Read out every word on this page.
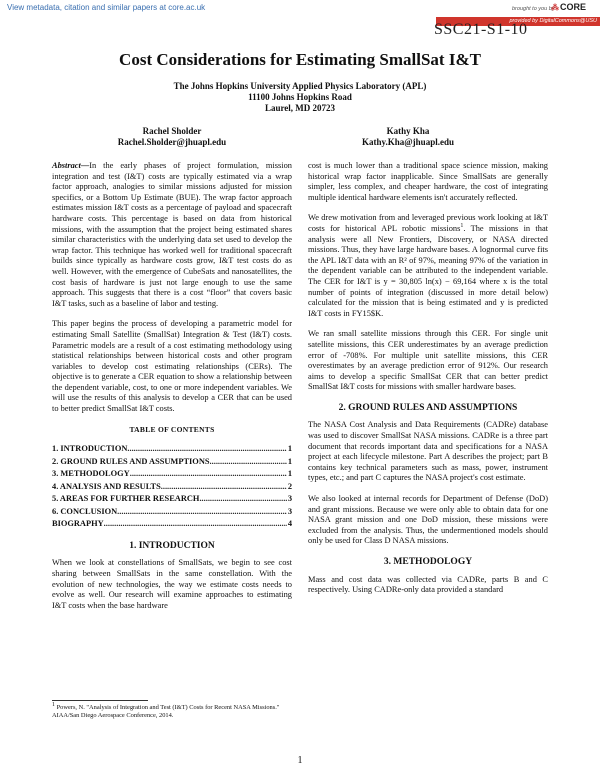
View metadata, citation and similar papers at core.ac.uk	brought to you by
⁂ CORE
provided by DigitalCommons@USU
SSC21-S1-10
Cost Considerations for Estimating SmallSat I&T
The Johns Hopkins University Applied Physics Laboratory (APL)
11100 Johns Hopkins Road
Laurel, MD 20723
Rachel Sholder
Rachel.Sholder@jhuapl.edu
Kathy Kha
Kathy.Kha@jhuapl.edu

Abstract—In the early phases of project formulation, mission integration and test (I&T) costs are typically estimated via a wrap factor approach, analogies to similar missions adjusted for mission specifics, or a Bottom Up Estimate (BUE). The wrap factor approach estimates mission I&T costs as a percentage of payload and spacecraft hardware costs. This percentage is based on data from historical missions, with the assumption that the project being estimated shares similar characteristics with the underlying data set used to develop the wrap factor. This technique has worked well for traditional spacecraft builds since typically as hardware costs grow, I&T test costs do as well. However, with the emergence of CubeSats and nanosatellites, the cost basis of hardware is just not large enough to use the same approach. This suggests that there is a cost “floor” that covers basic I&T tasks, such as a baseline of labor and testing.

This paper begins the process of developing a parametric model for estimating Small Satellite (SmallSat) Integration & Test (I&T) costs. Parametric models are a result of a cost estimating methodology using statistical relationships between historical costs and other program variables to develop cost estimating relationships (CERs). The objective is to generate a CER equation to show a relationship between the dependent variable, cost, to one or more independent variables. We will use the results of this analysis to develop a CER that can be used to better predict SmallSat I&T costs.

TABLE OF CONTENTS
1. INTRODUCTION .....	1
2. GROUND RULES AND ASSUMPTIONS .....	1
3. METHODOLOGY .....	1
4. ANALYSIS AND RESULTS .....	2
5. AREAS FOR FURTHER RESEARCH .....	3
6. CONCLUSION .....	3
BIOGRAPHY .....	4
1. INTRODUCTION

When we look at constellations of SmallSats, we begin to see cost sharing between SmallSats in the same constellation. With the evolution of new technologies, the way we estimate costs needs to evolve as well. Our research will examine approaches to estimating I&T costs when the base hardware

$^1$ Powers, N. "Analysis of Integration and Test (I&T) Costs for Recent NASA Missions." AIAA/San Diego Aerospace Conference, 2014.

cost is much lower than a traditional space science mission, making historical wrap factor inapplicable. Since SmallSats are generally simpler, less complex, and cheaper hardware, the cost of integrating multiple identical hardware elements isn't accurately reflected.

We drew motivation from and leveraged previous work looking at I&T costs for historical APL robotic missions$^1$. The missions in that analysis were all New Frontiers, Discovery, or NASA directed missions. Thus, they have large hardware bases. A lognormal curve fits the APL I&T data with an R² of 97%, meaning 97% of the variation in the dependent variable can be attributed to the independent variable. The CER for I&T is y = 30,805 ln(x) − 69,164 where x is the total number of points of integration (discussed in more detail below) calculated for the mission that is being estimated and y is predicted I&T costs in FY15$K.

We ran small satellite missions through this CER. For single unit satellite missions, this CER underestimates by an average prediction error of -708%. For multiple unit satellite missions, this CER overestimates by an average prediction error of 912%. Our research aims to develop a specific SmallSat CER that can better predict SmallSat I&T costs for missions with smaller hardware bases.

2. GROUND RULES AND ASSUMPTIONS

The NASA Cost Analysis and Data Requirements (CADRe) database was used to discover SmallSat NASA missions. CADRe is a three part document that records important data and specifications for a NASA project at each lifecycle milestone. Part A describes the project; part B contains key technical parameters such as mass, power, instrument types, etc.; and part C captures the NASA project's cost estimate.

We also looked at internal records for Department of Defense (DoD) and grant missions. Because we were only able to obtain data for one NASA grant mission and one DoD mission, these missions were excluded from the analysis. Thus, the undermentioned models should only be used for Class D NASA missions.

3. METHODOLOGY

Mass and cost data was collected via CADRe, parts B and C respectively. Using CADRe-only data provided a standard

1
